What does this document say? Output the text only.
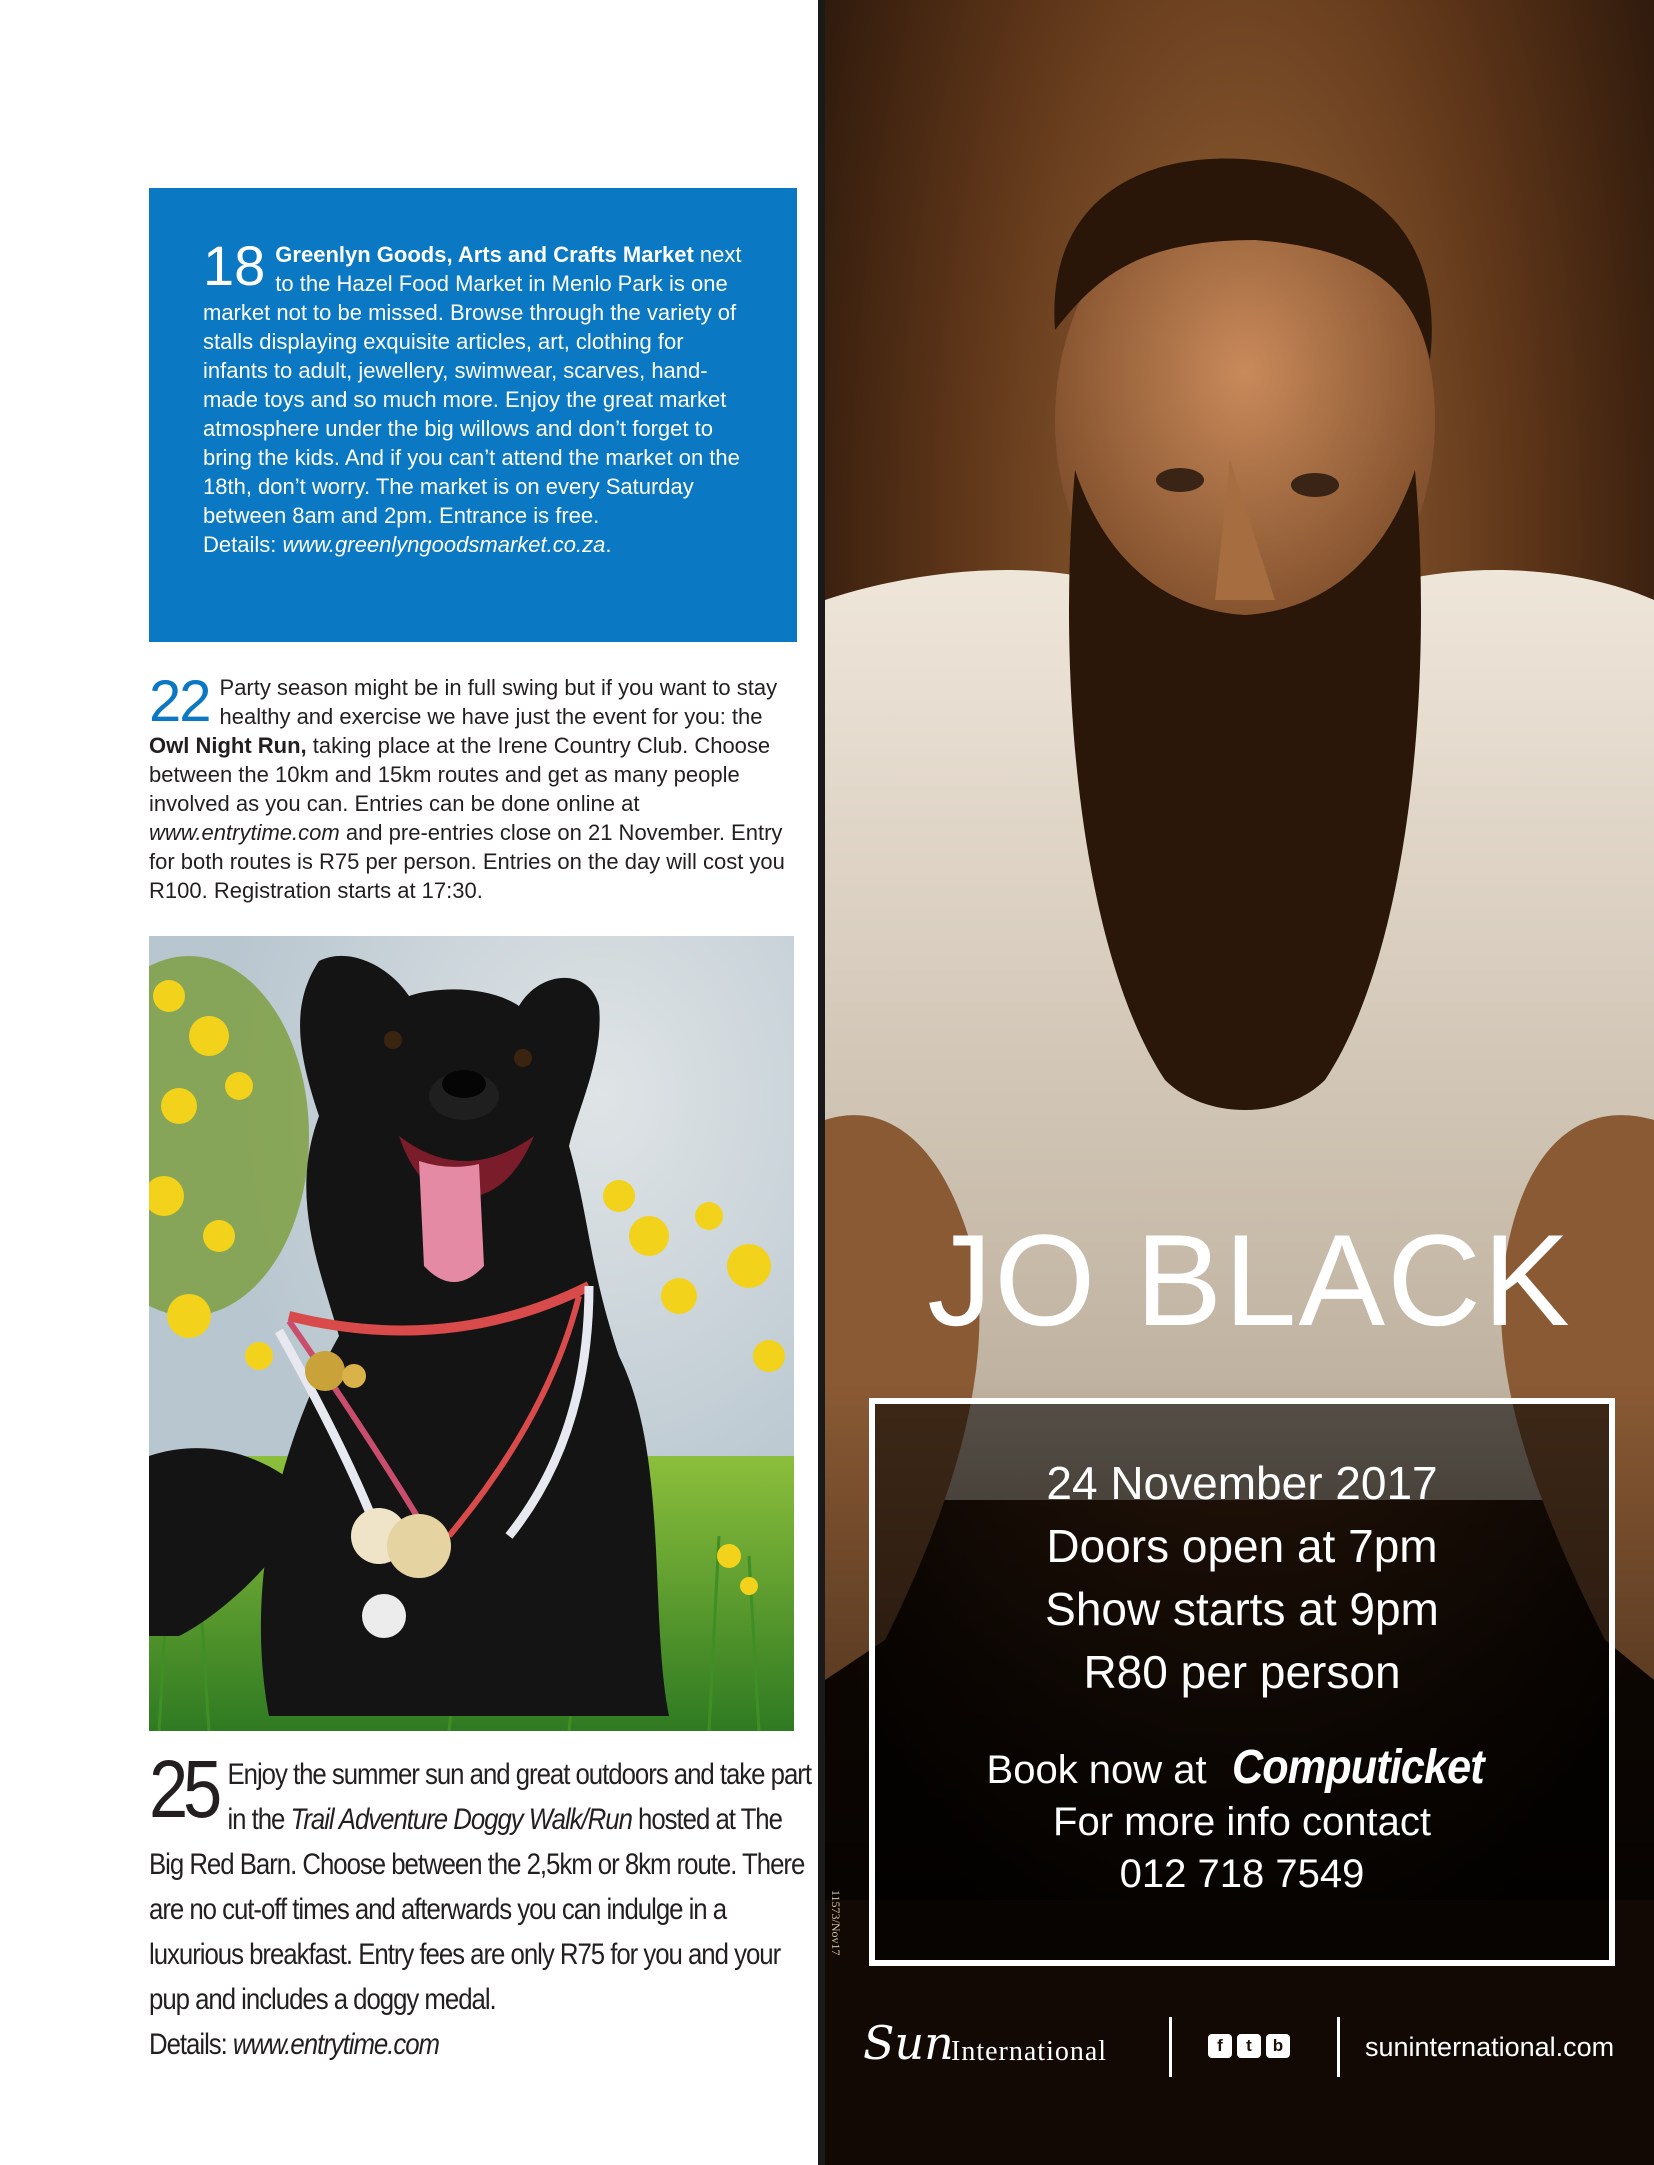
18 Greenlyn Goods, Arts and Crafts Market next to the Hazel Food Market in Menlo Park is one market not to be missed. Browse through the variety of stalls displaying exquisite articles, art, clothing for infants to adult, jewellery, swimwear, scarves, hand-made toys and so much more. Enjoy the great market atmosphere under the big willows and don’t forget to bring the kids. And if you can’t attend the market on the 18th, don’t worry. The market is on every Saturday between 8am and 2pm. Entrance is free.
Details: www.greenlyngoodsmarket.co.za.
22 Party season might be in full swing but if you want to stay healthy and exercise we have just the event for you: the Owl Night Run, taking place at the Irene Country Club. Choose between the 10km and 15km routes and get as many people involved as you can. Entries can be done online at www.entrytime.com and pre-entries close on 21 November. Entry for both routes is R75 per person. Entries on the day will cost you R100. Registration starts at 17:30.
25 Enjoy the summer sun and great outdoors and take part in the Trail Adventure Doggy Walk/Run hosted at The Big Red Barn. Choose between the 2,5km or 8km route. There are no cut-off times and afterwards you can indulge in a luxurious breakfast. Entry fees are only R75 for you and your pup and includes a doggy medal.
Details: www.entrytime.com
JO BLACK
24 November 2017
Doors open at 7pm
Show starts at 9pm
R80 per person
Book now at Computicket
For more info contact
012 718 7549
11573/Nov17
Sun
International	f	t	b	suninternational.com
